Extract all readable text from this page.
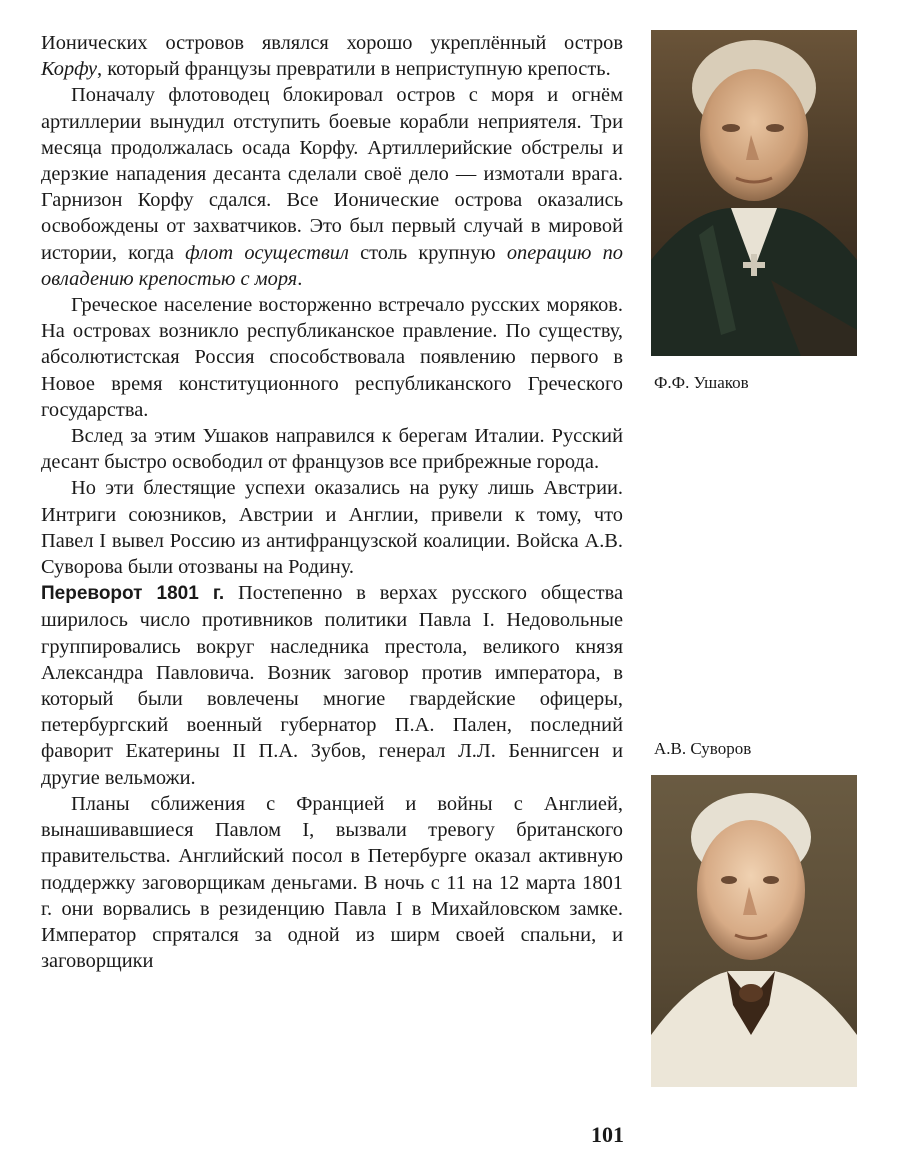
Ионических островов являлся хорошо укреплённый остров Корфу, который французы превратили в неприступную крепость.

Поначалу флотоводец блокировал остров с моря и огнём артиллерии вынудил отступить боевые корабли неприятеля. Три месяца продолжалась осада Корфу. Артиллерийские обстрелы и дерзкие нападения десанта сделали своё дело — измотали врага. Гарнизон Корфу сдался. Все Ионические острова оказались освобождены от захватчиков. Это был первый случай в мировой истории, когда флот осуществил столь крупную операцию по овладению крепостью с моря.

Греческое население восторженно встречало русских моряков. На островах возникло республиканское правление. По существу, абсолютистская Россия способствовала появлению первого в Новое время конституционного республиканского Греческого государства.

Вслед за этим Ушаков направился к берегам Италии. Русский десант быстро освободил от французов все прибрежные города.

Но эти блестящие успехи оказались на руку лишь Австрии. Интриги союзников, Австрии и Англии, привели к тому, что Павел I вывел Россию из антифранцузской коалиции. Войска А.В. Суворова были отозваны на Родину.

Переворот 1801 г. Постепенно в верхах русского общества ширилось число противников политики Павла I. Недовольные группировались вокруг наследника престола, великого князя Александра Павловича. Возник заговор против императора, в который были вовлечены многие гвардейские офицеры, петербургский военный губернатор П.А. Пален, последний фаворит Екатерины II П.А. Зубов, генерал Л.Л. Беннигсен и другие вельможи.

Планы сближения с Францией и войны с Англией, вынашивавшиеся Павлом I, вызвали тревогу британского правительства. Английский посол в Петербурге оказал активную поддержку заговорщикам деньгами. В ночь с 11 на 12 марта 1801 г. они ворвались в резиденцию Павла I в Михайловском замке. Император спрятался за одной из ширм своей спальни, и заговорщики

Ф.Ф. Ушаков
А.В. Суворов
101
